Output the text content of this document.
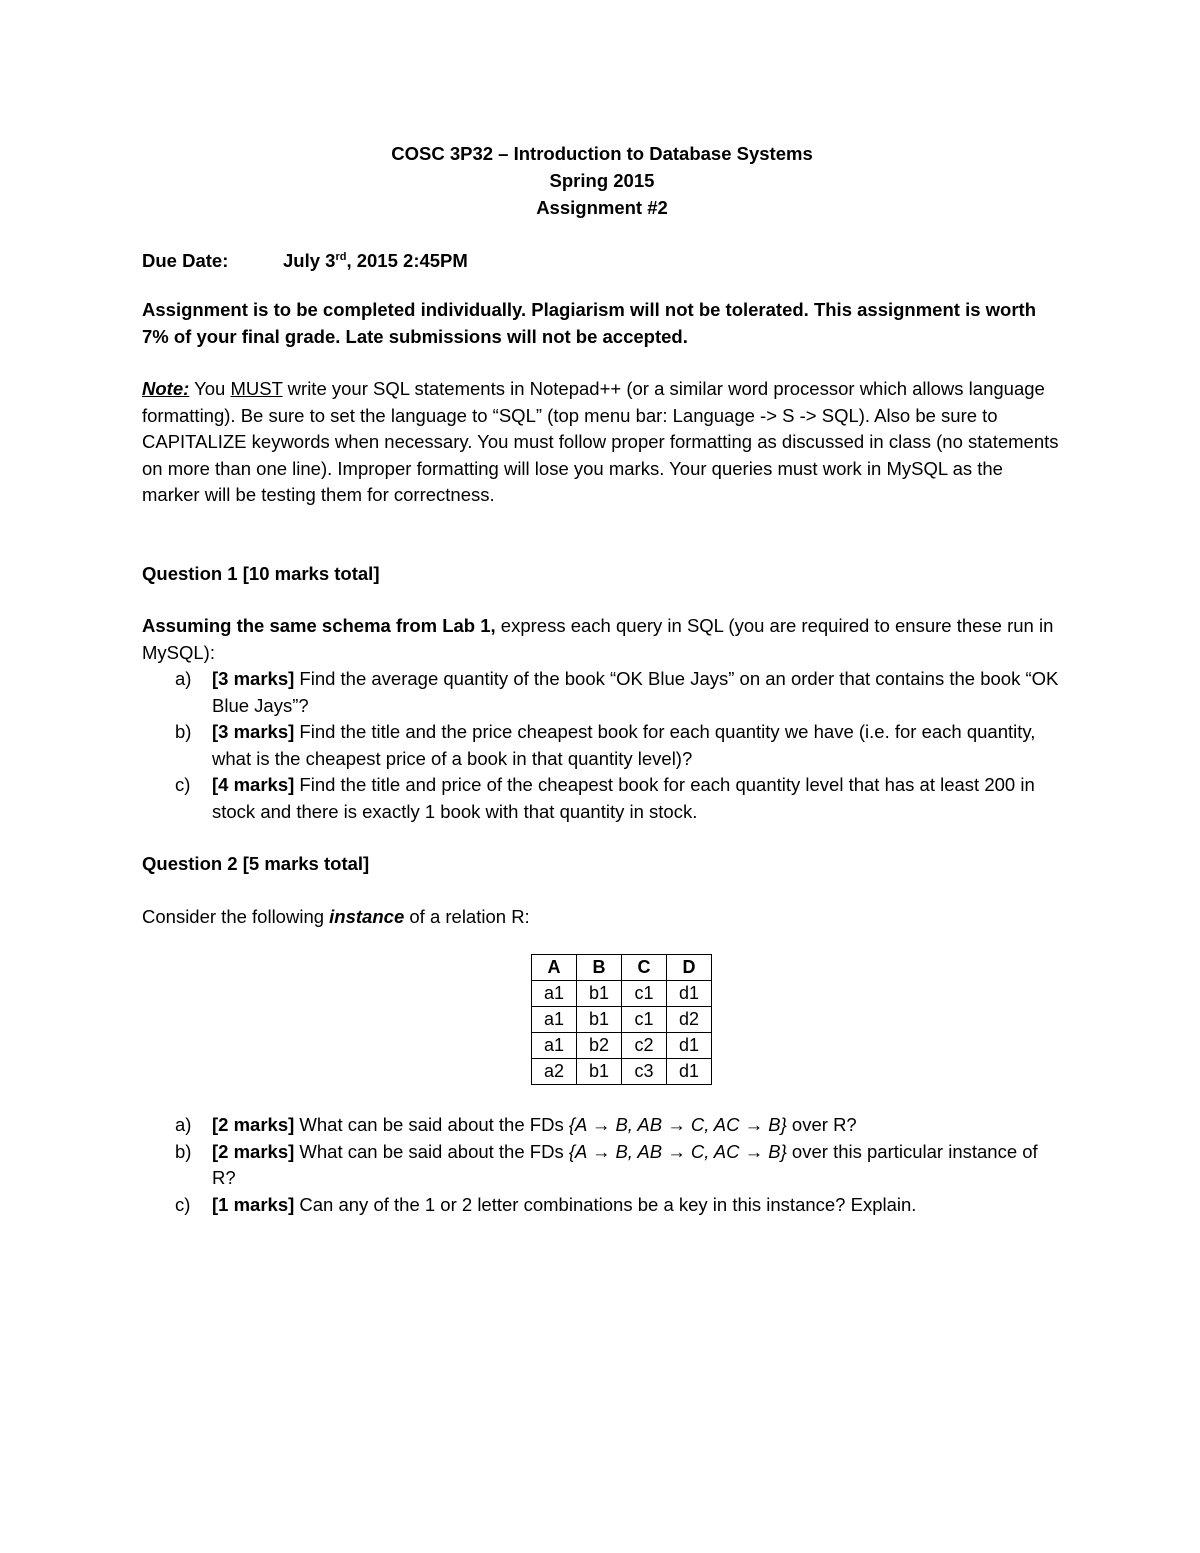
COSC 3P32 – Introduction to Database Systems
Spring 2015
Assignment #2
Due Date:	July 3rd, 2015 2:45PM
Assignment is to be completed individually. Plagiarism will not be tolerated. This assignment is worth 7% of your final grade. Late submissions will not be accepted.
Note: You MUST write your SQL statements in Notepad++ (or a similar word processor which allows language formatting). Be sure to set the language to “SQL” (top menu bar: Language -> S -> SQL). Also be sure to CAPITALIZE keywords when necessary. You must follow proper formatting as discussed in class (no statements on more than one line). Improper formatting will lose you marks. Your queries must work in MySQL as the marker will be testing them for correctness.
Question 1 [10 marks total]
Assuming the same schema from Lab 1, express each query in SQL (you are required to ensure these run in MySQL):
a) [3 marks] Find the average quantity of the book “OK Blue Jays” on an order that contains the book “OK Blue Jays”?
b) [3 marks] Find the title and the price cheapest book for each quantity we have (i.e. for each quantity, what is the cheapest price of a book in that quantity level)?
c) [4 marks] Find the title and price of the cheapest book for each quantity level that has at least 200 in stock and there is exactly 1 book with that quantity in stock.
Question 2 [5 marks total]
Consider the following instance of a relation R:
A	B	C	D
a1	b1	c1	d1
a1	b1	c1	d2
a1	b2	c2	d1
a2	b1	c3	d1
a) [2 marks] What can be said about the FDs {A → B, AB → C, AC → B} over R?
b) [2 marks] What can be said about the FDs {A → B, AB → C, AC → B} over this particular instance of R?
c) [1 marks] Can any of the 1 or 2 letter combinations be a key in this instance? Explain.
